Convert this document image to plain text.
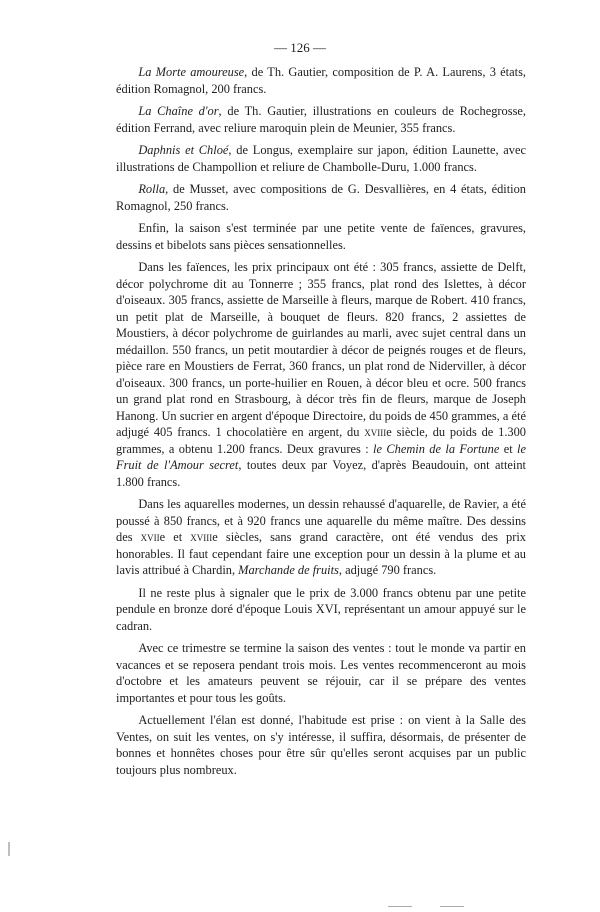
— 126 —

La Morte amoureuse, de Th. Gautier, composition de P. A. Laurens, 3 états, édition Romagnol, 200 francs.

La Chaîne d'or, de Th. Gautier, illustrations en couleurs de Rochegrosse, édition Ferrand, avec reliure maroquin plein de Meunier, 355 francs.

Daphnis et Chloé, de Longus, exemplaire sur japon, édition Launette, avec illustrations de Champollion et reliure de Chambolle-Duru, 1.000 francs.

Rolla, de Musset, avec compositions de G. Desvallières, en 4 états, édition Romagnol, 250 francs.

Enfin, la saison s'est terminée par une petite vente de faïences, gravures, dessins et bibelots sans pièces sensationnelles.

Dans les faïences, les prix principaux ont été : 305 francs, assiette de Delft, décor polychrome dit au Tonnerre ; 355 francs, plat rond des Islettes, à décor d'oiseaux. 305 francs, assiette de Marseille à fleurs, marque de Robert. 410 francs, un petit plat de Marseille, à bouquet de fleurs. 820 francs, 2 assiettes de Moustiers, à décor polychrome de guirlandes au marli, avec sujet central dans un médaillon. 550 francs, un petit moutardier à décor de peignés rouges et de fleurs, pièce rare en Moustiers de Ferrat, 360 francs, un plat rond de Niderviller, à décor d'oiseaux. 300 francs, un porte-huilier en Rouen, à décor bleu et ocre. 500 francs un grand plat rond en Strasbourg, à décor très fin de fleurs, marque de Joseph Hanong. Un sucrier en argent d'époque Directoire, du poids de 450 grammes, a été adjugé 405 francs. 1 chocolatière en argent, du xviiie siècle, du poids de 1.300 grammes, a obtenu 1.200 francs. Deux gravures : le Chemin de la Fortune et le Fruit de l'Amour secret, toutes deux par Voyez, d'après Beaudouin, ont atteint 1.800 francs.

Dans les aquarelles modernes, un dessin rehaussé d'aquarelle, de Ravier, a été poussé à 850 francs, et à 920 francs une aquarelle du même maître. Des dessins des xviie et xviiie siècles, sans grand caractère, ont été vendus des prix honorables. Il faut cependant faire une exception pour un dessin à la plume et au lavis attribué à Chardin, Marchande de fruits, adjugé 790 francs.

Il ne reste plus à signaler que le prix de 3.000 francs obtenu par une petite pendule en bronze doré d'époque Louis XVI, représentant un amour appuyé sur le cadran.

Avec ce trimestre se termine la saison des ventes : tout le monde va partir en vacances et se reposera pendant trois mois. Les ventes recommenceront au mois d'octobre et les amateurs peuvent se réjouir, car il se prépare des ventes importantes et pour tous les goûts.

Actuellement l'élan est donné, l'habitude est prise : on vient à la Salle des Ventes, on suit les ventes, on s'y intéresse, il suffira, désormais, de présenter de bonnes et honnêtes choses pour être sûr qu'elles seront acquises par un public toujours plus nombreux.
